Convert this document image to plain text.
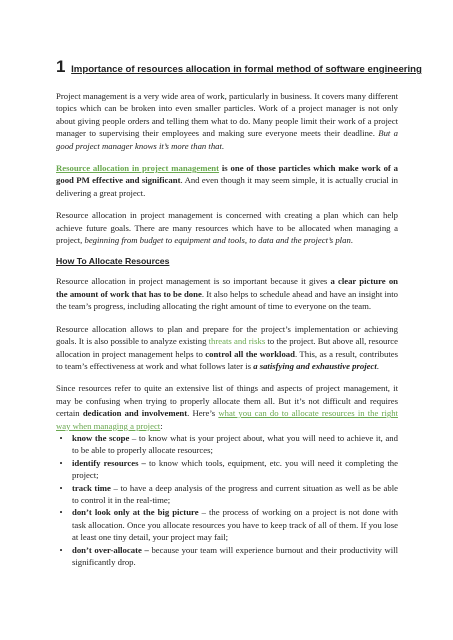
1 Importance of resources allocation in formal method of software engineering

Project management is a very wide area of work, particularly in business. It covers many different topics which can be broken into even smaller particles. Work of a project manager is not only about giving people orders and telling them what to do. Many people limit their work of a project manager to supervising their employees and making sure everyone meets their deadline. But a good project manager knows it’s more than that.

Resource allocation in project management is one of those particles which make work of a good PM effective and significant. And even though it may seem simple, it is actually crucial in delivering a great project.

Resource allocation in project management is concerned with creating a plan which can help achieve future goals. There are many resources which have to be allocated when managing a project, beginning from budget to equipment and tools, to data and the project’s plan.

How To Allocate Resources

Resource allocation in project management is so important because it gives a clear picture on the amount of work that has to be done. It also helps to schedule ahead and have an insight into the team’s progress, including allocating the right amount of time to everyone on the team.

Resource allocation allows to plan and prepare for the project’s implementation or achieving goals. It is also possible to analyze existing threats and risks to the project. But above all, resource allocation in project management helps to control all the workload. This, as a result, contributes to team’s effectiveness at work and what follows later is a satisfying and exhaustive project.

Since resources refer to quite an extensive list of things and aspects of project management, it may be confusing when trying to properly allocate them all. But it’s not difficult and requires certain dedication and involvement. Here’s what you can do to allocate resources in the right way when managing a project:

•	know the scope – to know what is your project about, what you will need to achieve it, and to be able to properly allocate resources;
•	identify resources – to know which tools, equipment, etc. you will need it completing the project;
•	track time – to have a deep analysis of the progress and current situation as well as be able to control it in the real-time;
•	don’t look only at the big picture – the process of working on a project is not done with task allocation. Once you allocate resources you have to keep track of all of them. If you lose at least one tiny detail, your project may fail;
•	don’t over-allocate – because your team will experience burnout and their productivity will significantly drop.
